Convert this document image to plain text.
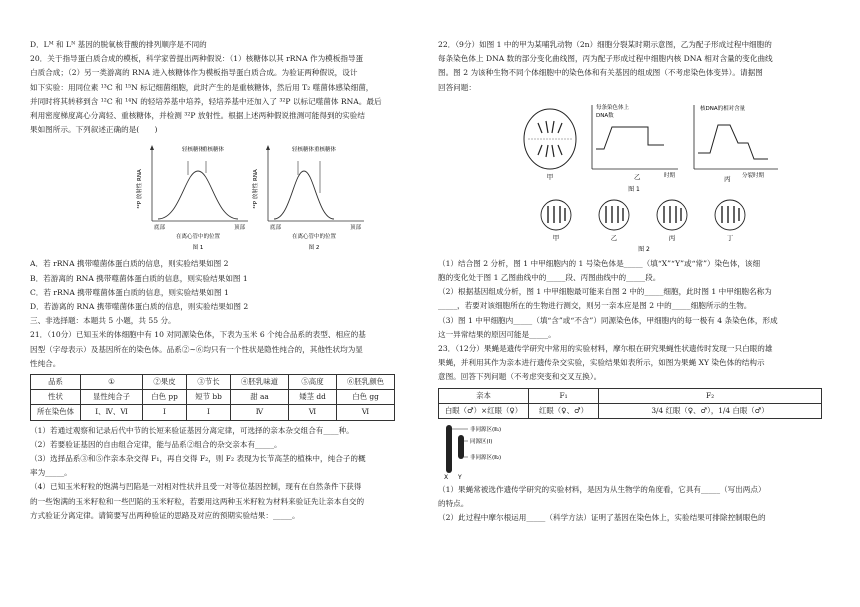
D．Lᴹ 和 Lᴺ 基因的脱氧核苷酸的排列顺序是不同的

20．关于指导蛋白质合成的模板，科学家曾提出两种假说：（1）核糖体以其 rRNA 作为模板指导蛋

白质合成；（2）另一类游离的 RNA 进入核糖体作为模板指导蛋白质合成。为验证两种假说，设计

如下实验：用同位素 ¹³C 和 ¹⁵N 标记细菌细胞，此时产生的是重核糖体，然后用 T₂ 噬菌体感染细菌，

并同时将其转移到含 ¹²C 和 ¹⁴N 的轻培养基中培养，轻培养基中还加入了 ³²P 以标记噬菌体 RNA。最后

利用密度梯度离心分离轻、重核糖体，并检测 ³²P 放射性。根据上述两种假说推测可能得到的实验结

果如图所示。下列叙述正确的是(　　)

³²P 放射性 RNA
轻核糖体
重核糖体
底部	顶部
在离心管中的位置
图 1
³²P 放射性 RNA
轻核糖体 重核糖体
底部	顶部
在离心管中的位置
图 2

A．若 rRNA 携带噬菌体蛋白质的信息，则实验结果如图 2

B．若游离的 RNA 携带噬菌体蛋白质的信息，则实验结果如图 1

C．若 rRNA 携带噬菌体蛋白质的信息，则实验结果如图 1

D．若游离的 RNA 携带噬菌体蛋白质的信息，则实验结果如图 2

三、非选择题：本题共 5 小题，共 55 分。

21．（10分）已知玉米的体细胞中有 10 对同源染色体，下表为玉米 6 个纯合品系的表型、相应的基

因型（字母表示）及基因所在的染色体。品系②~⑥均只有一个性状是隐性纯合的，其他性状均为显

性纯合。

品系	①	②果皮	③节长	④胚乳味道	⑤高度	⑥胚乳颜色
性状	显性纯合子	白色 pp	短节 bb	甜 aa	矮茎 dd	白色 gg
所在染色体	Ⅰ、Ⅳ、Ⅵ	Ⅰ	Ⅰ	Ⅳ	Ⅵ	Ⅵ

（1）若通过观察和记录后代中节的长短来验证基因分离定律，可选择的亲本杂交组合有____种。

（2）若要验证基因的自由组合定律，能与品系②组合的杂交亲本有_____。

（3）选择品系③和⑤作亲本杂交得 F₁，再自交得 F₂，则 F₂ 表现为长节高茎的植株中，纯合子的概

率为_____。

（4）已知玉米籽粒的饱满与凹陷是一对相对性状并且受一对等位基因控制，现有在自然条件下获得

的一些饱满的玉米籽粒和一些凹陷的玉米籽粒，若要用这两种玉米籽粒为材料来验证先让亲本自交的

方式验证分离定律。请简要写出两种验证的思路及对应的预期实验结果：_____。

22．（9分）如图 1 中的甲为某哺乳动物（2n）细胞分裂某时期示意图，乙为配子形成过程中细胞的

每条染色体上 DNA 数的部分变化曲线图，丙为配子形成过程中细胞内核 DNA 相对含量的变化曲线

图。图 2 为该种生物不同个体细胞中的染色体和有关基因的组成图（不考虑染色体变异）。请据图

回答问题：

甲
每条染色体上
DNA数
时期
乙
核DNA的相对含量
分裂时期
丙
图 1
甲	乙	丙	丁
图 2

（1）结合图 2 分析，图 1 中甲细胞内的 1 号染色体是_____（填“X”“Y”或“常”）染色体，该细

胞的变化处于图 1 乙图曲线中的_____段、丙图曲线中的_____段。

（2）根据基因组成分析，图 1 中甲细胞最可能来自图 2 中的_____细胞，此时图 1 中甲细胞名称为

_____，若要对该细胞所在的生物进行测交，则另一亲本应是图 2 中的_____细胞所示的生物。

（3）图 1 中甲细胞内_____（填“含”或“不含”）同源染色体，甲细胞内的每一极有 4 条染色体，形成

这一异常结果的原因可能是_____。

23．（12分）果蝇是遗传学研究中常用的实验材料，摩尔根在研究果蝇性状遗传时发现一只白眼的雄

果蝇，并利用其作为亲本进行遗传杂交实验，实验结果如表所示，如图为果蝇 XY 染色体的结构示

意图。回答下列问题（不考虑突变和交叉互换）。

亲本	F₁	F₂
白眼（♂）×红眼（♀）	红眼（♀、♂）	3/4 红眼（♀、♂），1/4 白眼（♂）
非同源区(Ⅱ₁)
同源区(Ⅰ)
非同源区(Ⅱ₂)
X Y

（1）果蝇常被选作遗传学研究的实验材料，是因为从生物学的角度看，它具有_____（写出两点）

的特点。

（2）此过程中摩尔根运用_____（科学方法）证明了基因在染色体上，实验结果可排除控制眼色的
